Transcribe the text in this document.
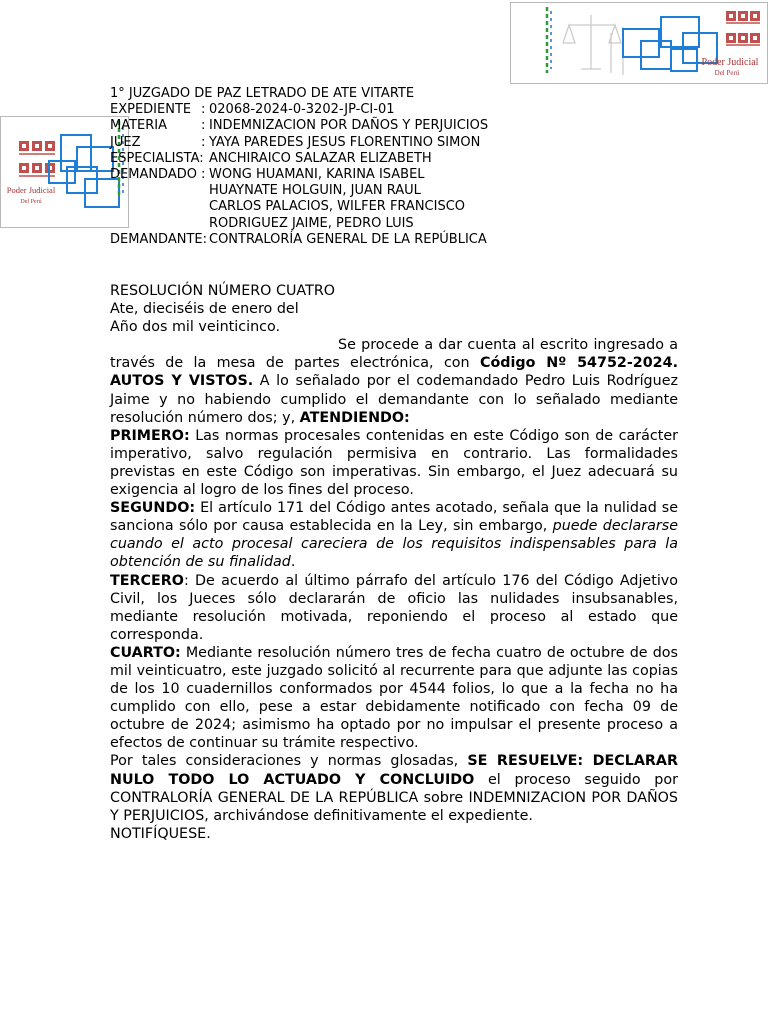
Poder Judicial
Del Perú
Poder Judicial
Del Perú
1° JUZGADO DE PAZ LETRADO DE ATE VITARTE
EXPEDIENTE : 02068-2024-0-3202-JP-CI-01
MATERIA	: INDEMNIZACION POR DAÑOS Y PERJUICIOS
JUEZ	: YAYA PAREDES JESUS FLORENTINO SIMON
ESPECIALISTA: ANCHIRAICO SALAZAR ELIZABETH
DEMANDADO : WONG HUAMANI, KARINA ISABEL
HUAYNATE HOLGUIN, JUAN RAUL
CARLOS PALACIOS, WILFER FRANCISCO
RODRIGUEZ JAIME, PEDRO LUIS
DEMANDANTE: CONTRALORÍA GENERAL DE LA REPÚBLICA

RESOLUCIÓN NÚMERO CUATRO

Ate, dieciséis de enero del

Año dos mil veinticinco.

Se procede a dar cuenta al escrito ingresado a través de la mesa de partes electrónica, con Código Nº 54752-2024. AUTOS Y VISTOS. A lo señalado por el codemandado Pedro Luis Rodríguez Jaime y no habiendo cumplido el demandante con lo señalado mediante resolución número dos; y, ATENDIENDO:

PRIMERO: Las normas procesales contenidas en este Código son de carácter imperativo, salvo regulación permisiva en contrario. Las formalidades previstas en este Código son imperativas. Sin embargo, el Juez adecuará su exigencia al logro de los fines del proceso.

SEGUNDO: El artículo 171 del Código antes acotado, señala que la nulidad se sanciona sólo por causa establecida en la Ley, sin embargo, puede declararse cuando el acto procesal careciera de los requisitos indispensables para la obtención de su finalidad.

TERCERO: De acuerdo al último párrafo del artículo 176 del Código Adjetivo Civil, los Jueces sólo declararán de oficio las nulidades insubsanables, mediante resolución motivada, reponiendo el proceso al estado que corresponda.

CUARTO: Mediante resolución número tres de fecha cuatro de octubre de dos mil veinticuatro, este juzgado solicitó al recurrente para que adjunte las copias de los 10 cuadernillos conformados por 4544 folios, lo que a la fecha no ha cumplido con ello, pese a estar debidamente notificado con fecha 09 de octubre de 2024; asimismo ha optado por no impulsar el presente proceso a efectos de continuar su trámite respectivo.

Por tales consideraciones y normas glosadas, SE RESUELVE: DECLARAR NULO TODO LO ACTUADO Y CONCLUIDO el proceso seguido por CONTRALORÍA GENERAL DE LA REPÚBLICA sobre INDEMNIZACION POR DAÑOS Y PERJUICIOS, archivándose definitivamente el expediente.

NOTIFÍQUESE.
